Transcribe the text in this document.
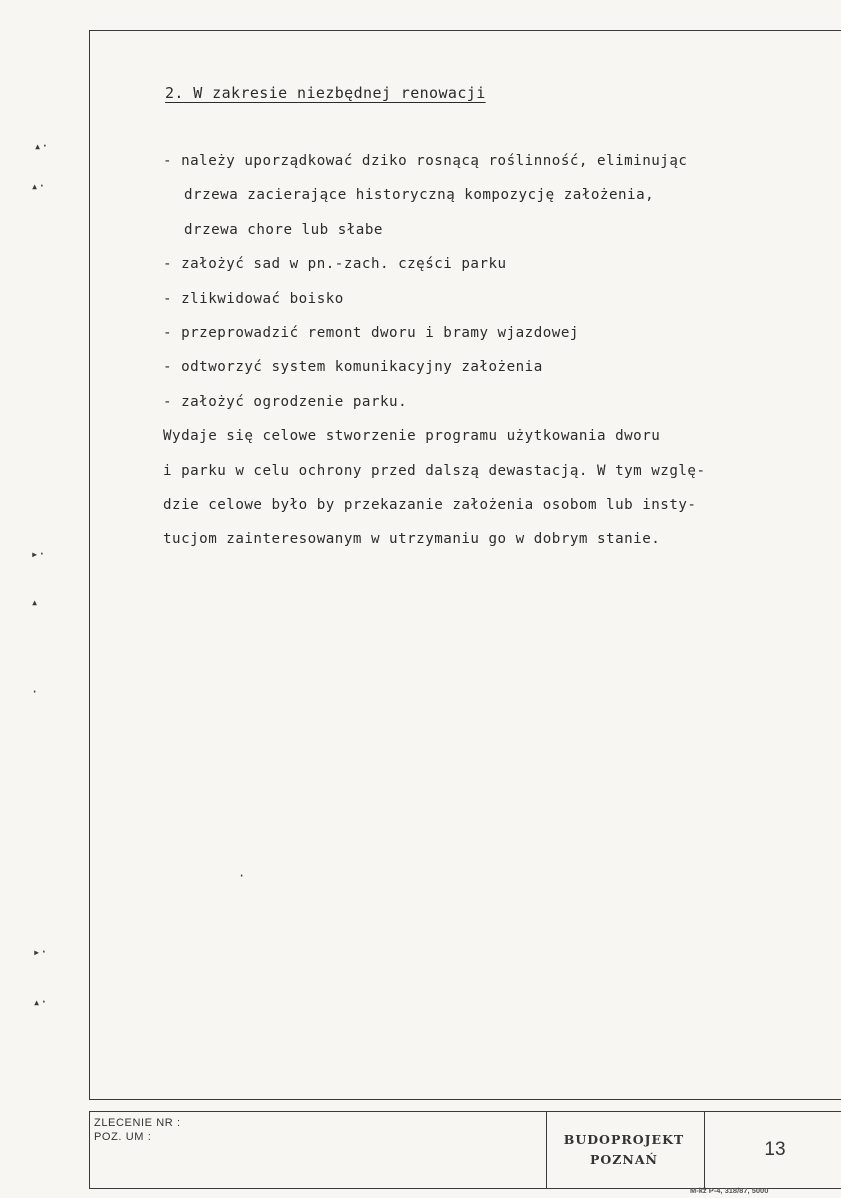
▴·
▴·
▸·
▴
·
▸·
▴·
·
2. W zakresie niezbędnej renowacji
- należy uporządkować dziko rosnącą roślinność, eliminując
drzewa zacierające historyczną kompozycję założenia,
drzewa chore lub słabe
- założyć sad w pn.-zach. części parku
- zlikwidować boisko
- przeprowadzić remont dworu i bramy wjazdowej
- odtworzyć system komunikacyjny założenia
- założyć ogrodzenie parku.
Wydaje się celowe stworzenie programu użytkowania dworu
i parku w celu ochrony przed dalszą dewastacją. W tym wzglę-
dzie celowe było by przekazanie założenia osobom lub insty-
tucjom zainteresowanym w utrzymaniu go w dobrym stanie.
ZLECENIE NR :
POZ. UM :	BUDOPROJEKT
POZNAŃ	13
M-kž P-4, 318/87, 5000
